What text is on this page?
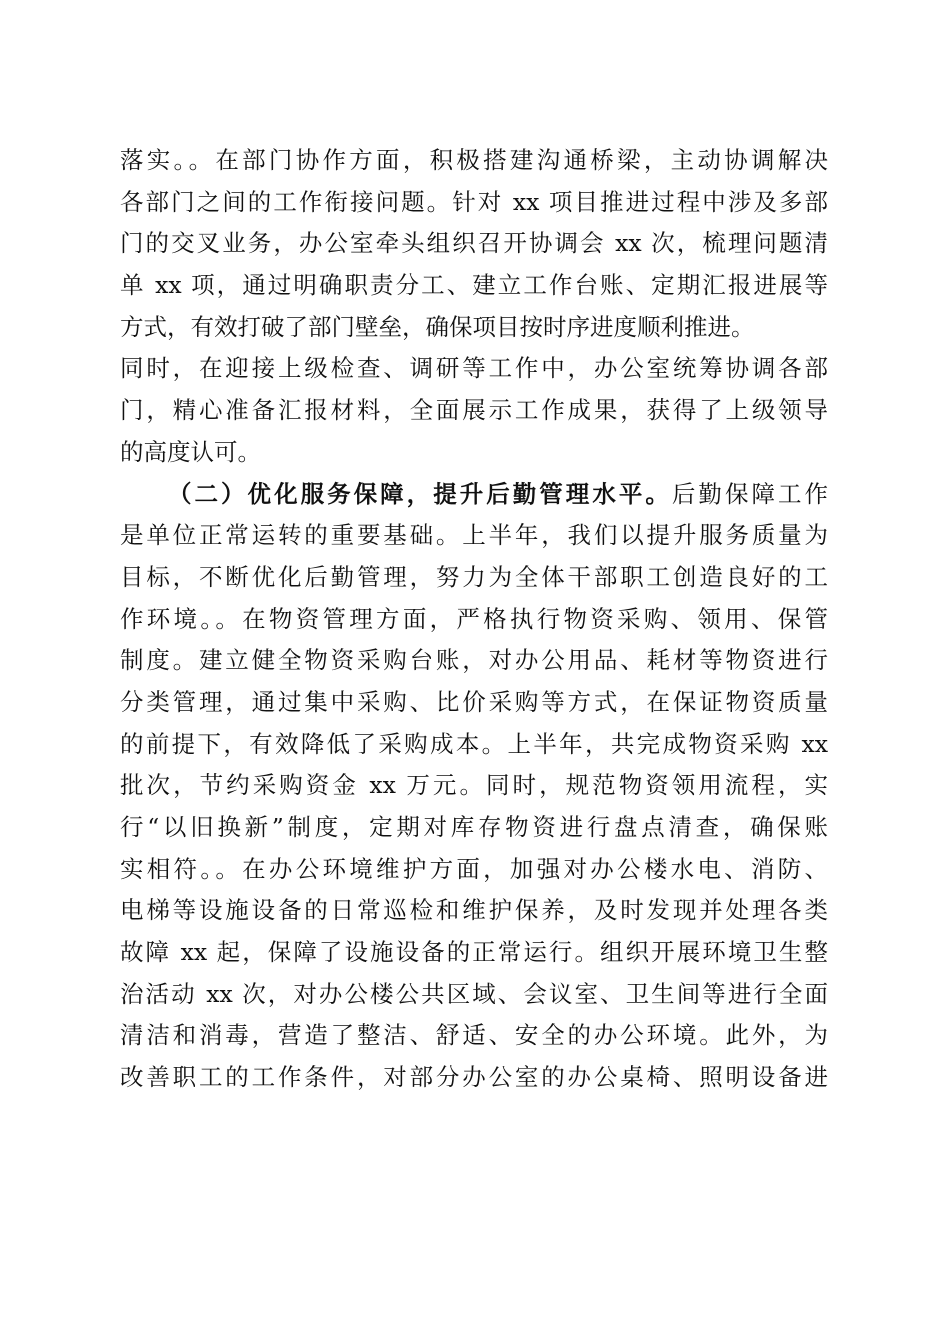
落实。。在部门协作方面，积极搭建沟通桥梁，主动协调解决
各部门之间的工作衔接问题。针对 xx 项目推进过程中涉及多部
门的交叉业务，办公室牵头组织召开协调会 xx 次，梳理问题清
单 xx 项，通过明确职责分工、建立工作台账、定期汇报进展等
方式，有效打破了部门壁垒，确保项目按时序进度顺利推进。
同时，在迎接上级检查、调研等工作中，办公室统筹协调各部
门，精心准备汇报材料，全面展示工作成果，获得了上级领导
的高度认可。
（二）优化服务保障，提升后勤管理水平。后勤保障工作
是单位正常运转的重要基础。上半年，我们以提升服务质量为
目标，不断优化后勤管理，努力为全体干部职工创造良好的工
作环境。。在物资管理方面，严格执行物资采购、领用、保管
制度。建立健全物资采购台账，对办公用品、耗材等物资进行
分类管理，通过集中采购、比价采购等方式，在保证物资质量
的前提下，有效降低了采购成本。上半年，共完成物资采购 xx
批次，节约采购资金 xx 万元。同时，规范物资领用流程，实
行“以旧换新”制度，定期对库存物资进行盘点清查，确保账
实相符。。在办公环境维护方面，加强对办公楼水电、消防、
电梯等设施设备的日常巡检和维护保养，及时发现并处理各类
故障 xx 起，保障了设施设备的正常运行。组织开展环境卫生整
治活动 xx 次，对办公楼公共区域、会议室、卫生间等进行全面
清洁和消毒，营造了整洁、舒适、安全的办公环境。此外，为
改善职工的工作条件，对部分办公室的办公桌椅、照明设备进
